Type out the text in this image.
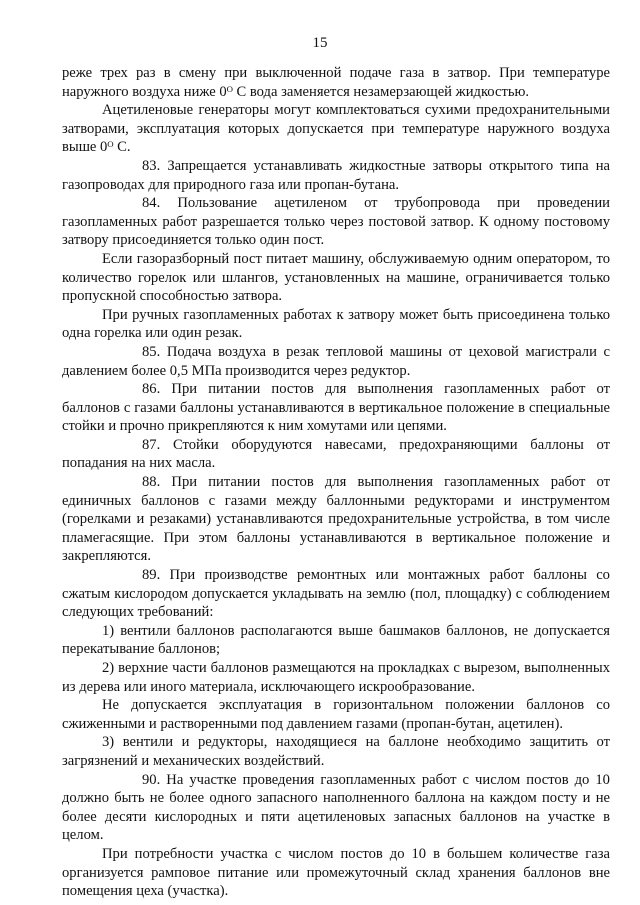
15

реже трех раз в смену при выключенной подаче газа в затвор. При температуре наружного воздуха ниже 0ᴼ С вода заменяется незамерзающей жидкостью.

Ацетиленовые генераторы могут комплектоваться сухими предохранительными затворами, эксплуатация которых допускается при температуре наружного воздуха выше 0ᴼ С.

83. Запрещается устанавливать жидкостные затворы открытого типа на газопроводах для природного газа или пропан-бутана.

84. Пользование ацетиленом от трубопровода при проведении газопламенных работ разрешается только через постовой затвор. К одному постовому затвору присоединяется только один пост.

Если газоразборный пост питает машину, обслуживаемую одним оператором, то количество горелок или шлангов, установленных на машине, ограничивается только пропускной способностью затвора.

При ручных газопламенных работах к затвору может быть присоединена только одна горелка или один резак.

85. Подача воздуха в резак тепловой машины от цеховой магистрали с давлением более 0,5 МПа производится через редуктор.

86. При питании постов для выполнения газопламенных работ от баллонов с газами баллоны устанавливаются в вертикальное положение в специальные стойки и прочно прикрепляются к ним хомутами или цепями.

87. Стойки оборудуются навесами, предохраняющими баллоны от попадания на них масла.

88. При питании постов для выполнения газопламенных работ от единичных баллонов с газами между баллонными редукторами и инструментом (горелками и резаками) устанавливаются предохранительные устройства, в том числе пламегасящие. При этом баллоны устанавливаются в вертикальное положение и закрепляются.

89. При производстве ремонтных или монтажных работ баллоны со сжатым кислородом допускается укладывать на землю (пол, площадку) с соблюдением следующих требований:

1) вентили баллонов располагаются выше башмаков баллонов, не допускается перекатывание баллонов;

2) верхние части баллонов размещаются на прокладках с вырезом, выполненных из дерева или иного материала, исключающего искрообразование.

Не допускается эксплуатация в горизонтальном положении баллонов со сжиженными и растворенными под давлением газами (пропан-бутан, ацетилен).

3) вентили и редукторы, находящиеся на баллоне необходимо защитить от загрязнений и механических воздействий.

90. На участке проведения газопламенных работ с числом постов до 10 должно быть не более одного запасного наполненного баллона на каждом посту и не более десяти кислородных и пяти ацетиленовых запасных баллонов на участке в целом.

При потребности участка с числом постов до 10 в большем количестве газа организуется рамповое питание или промежуточный склад хранения баллонов вне помещения цеха (участка).
